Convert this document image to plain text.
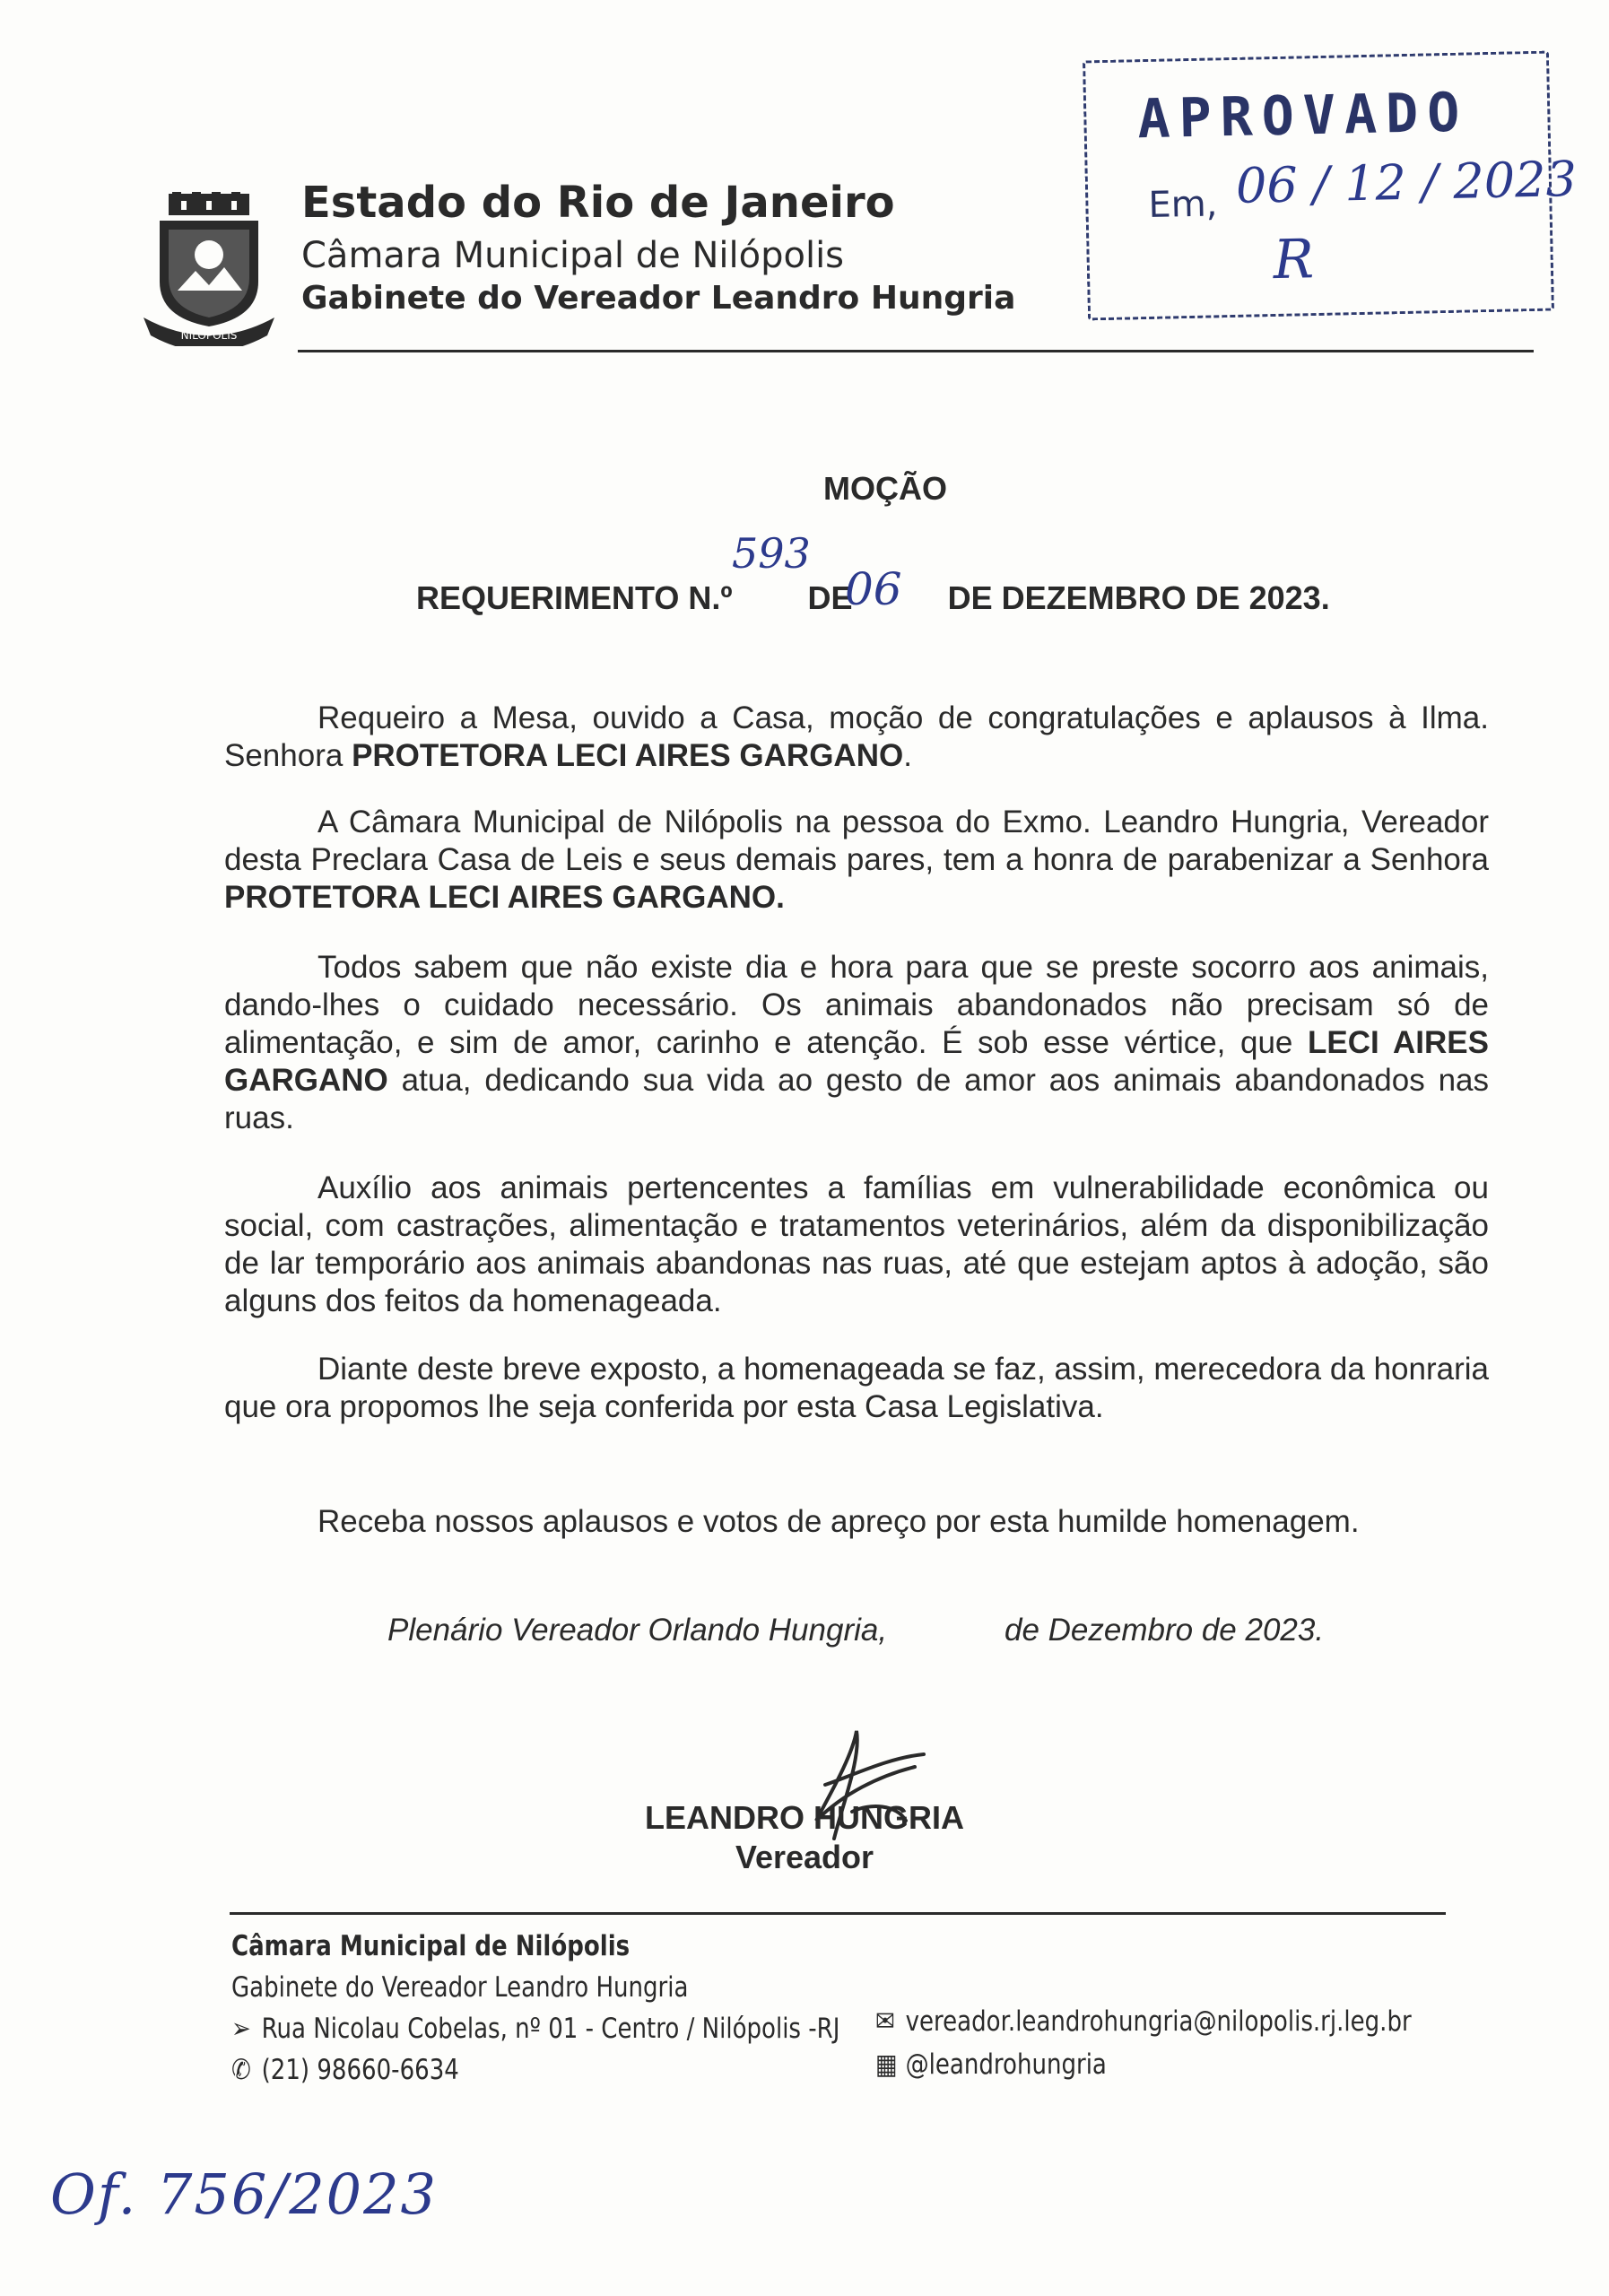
NILÓPOLIS
Estado do Rio de Janeiro
Câmara Municipal de Nilópolis
Gabinete do Vereador Leandro Hungria
APROVADO
Em, 06 / 12 / 2023
R
MOÇÃO
REQUERIMENTO N.º DE	DE DEZEMBRO DE 2023.
593
06

Requeiro a Mesa, ouvido a Casa, moção de congratulações e aplausos à Ilma. Senhora PROTETORA LECI AIRES GARGANO.

A Câmara Municipal de Nilópolis na pessoa do Exmo. Leandro Hungria, Vereador desta Preclara Casa de Leis e seus demais pares, tem a honra de parabenizar a Senhora PROTETORA LECI AIRES GARGANO.

Todos sabem que não existe dia e hora para que se preste socorro aos animais, dando-lhes o cuidado necessário. Os animais abandonados não precisam só de alimentação, e sim de amor, carinho e atenção. É sob esse vértice, que LECI AIRES GARGANO atua, dedicando sua vida ao gesto de amor aos animais abandonados nas ruas.

Auxílio aos animais pertencentes a famílias em vulnerabilidade econômica ou social, com castrações, alimentação e tratamentos veterinários, além da disponibilização de lar temporário aos animais abandonas nas ruas, até que estejam aptos à adoção, são alguns dos feitos da homenageada.

Diante deste breve exposto, a homenageada se faz, assim, merecedora da honraria que ora propomos lhe seja conferida por esta Casa Legislativa.

Receba nossos aplausos e votos de apreço por esta humilde homenagem.

Plenário Vereador Orlando Hungria,	de Dezembro de 2023.
LEANDRO HUNGRIA
Vereador
Câmara Municipal de Nilópolis
Gabinete do Vereador Leandro Hungria
➢ Rua Nicolau Cobelas, nº 01 - Centro / Nilópolis -RJ
✆ (21) 98660-6634
✉ vereador.leandrohungria@nilopolis.rj.leg.br
▦ @leandrohungria
Of. 756/2023
